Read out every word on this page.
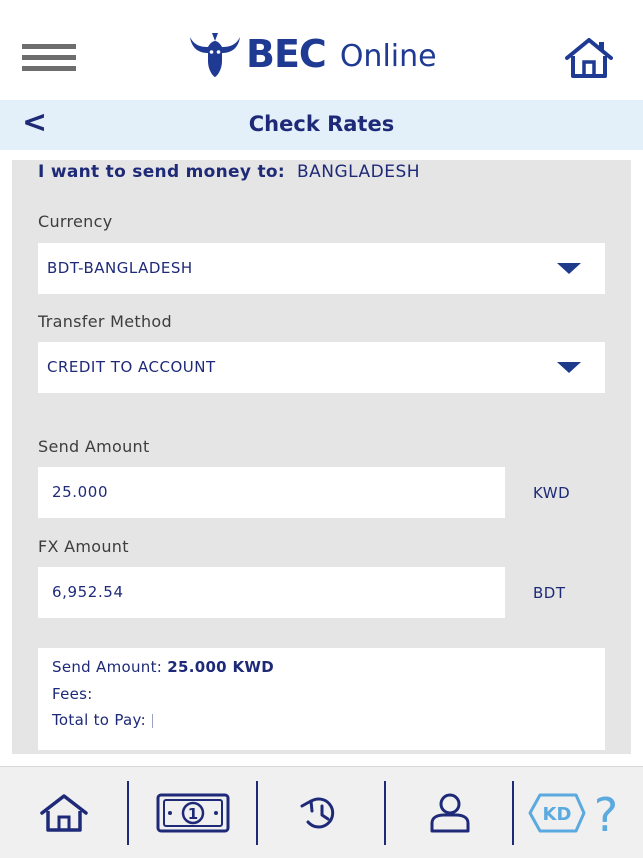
BEC Online
<	Check Rates
I want to send money to: BANGLADESH
Currency
BDT-BANGLADESH
Transfer Method
CREDIT TO ACCOUNT
Send Amount
25.000	KWD
FX Amount
6,952.54	BDT
Send Amount: 25.000 KWD
Fees:
Total to Pay:
1	KD ?
